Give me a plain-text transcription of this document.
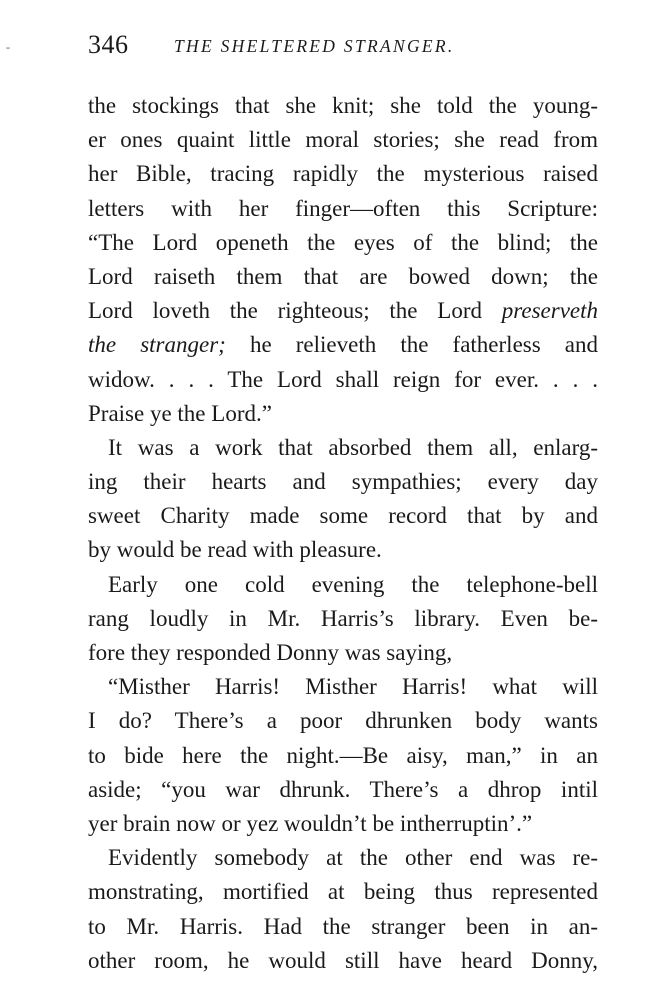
-	346	THE SHELTERED STRANGER.
the stockings that she knit; she told the young-
er ones quaint little moral stories; she read from
her Bible, tracing rapidly the mysterious raised
letters with her finger—often this Scripture:
“The Lord openeth the eyes of the blind; the
Lord raiseth them that are bowed down; the
Lord loveth the righteous; the Lord preserveth
the stranger; he relieveth the fatherless and
widow. . . . The Lord shall reign for ever. . . .
Praise ye the Lord.”
It was a work that absorbed them all, enlarg-
ing their hearts and sympathies; every day
sweet Charity made some record that by and
by would be read with pleasure.
Early one cold evening the telephone-bell
rang loudly in Mr. Harris’s library. Even be-
fore they responded Donny was saying,
“Misther Harris! Misther Harris! what will
I do? There’s a poor dhrunken body wants
to bide here the night.—Be aisy, man,” in an
aside; “you war dhrunk. There’s a dhrop intil
yer brain now or yez wouldn’t be intherruptin’.”
Evidently somebody at the other end was re-
monstrating, mortified at being thus represented
to Mr. Harris. Had the stranger been in an-
other room, he would still have heard Donny,
